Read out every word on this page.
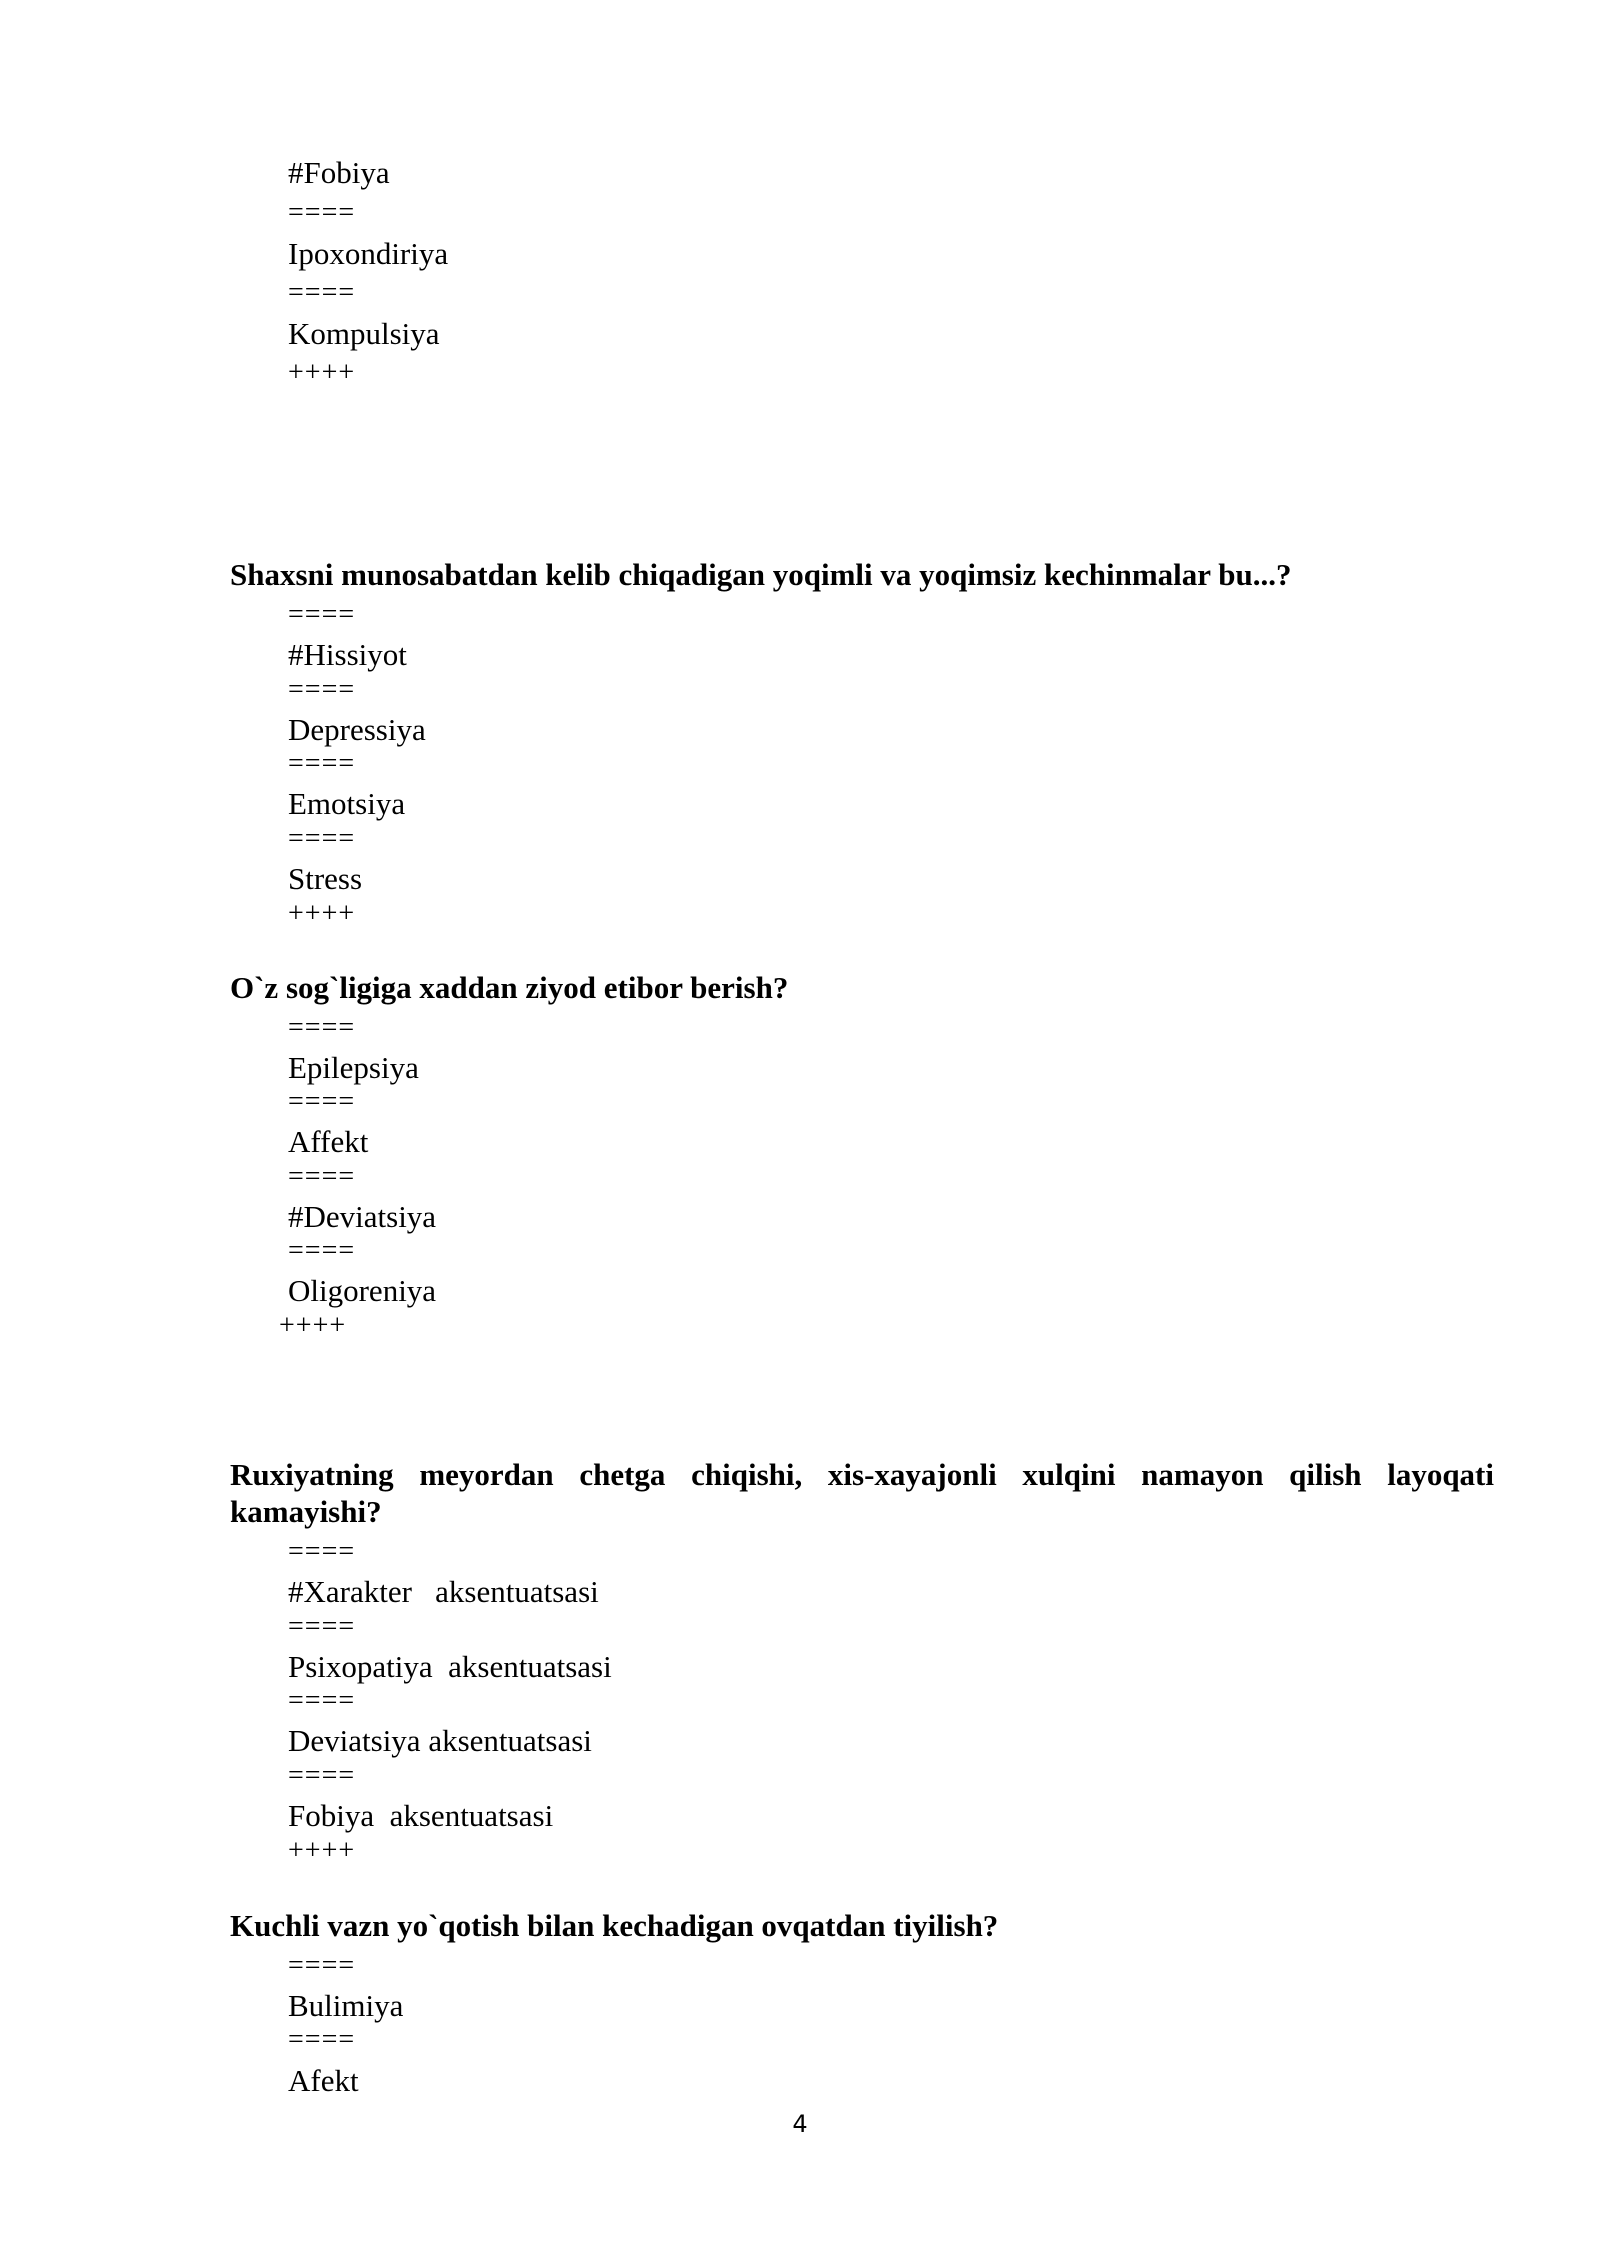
#Fobiya
====
Ipoxondiriya
====
Kompulsiya
++++
Shaxsni munosabatdan kelib chiqadigan yoqimli va yoqimsiz kechinmalar bu...?
====
#Hissiyot
====
Depressiya
====
Emotsiya
====
Stress
++++
O`z sog`ligiga xaddan ziyod etibor berish?
====
Epilepsiya
====
Affekt
====
#Deviatsiya
====
Oligoreniya
++++
Ruxiyatning meyordan chetga chiqishi, xis-xayajonli xulqini namayon qilish layoqati kamayishi?
====
#Xarakter   aksentuatsasi
====
Psixopatiya  aksentuatsasi
====
Deviatsiya aksentuatsasi
====
Fobiya  aksentuatsasi
++++
Kuchli vazn yo`qotish bilan kechadigan ovqatdan tiyilish?
====
Bulimiya
====
Afekt
4
